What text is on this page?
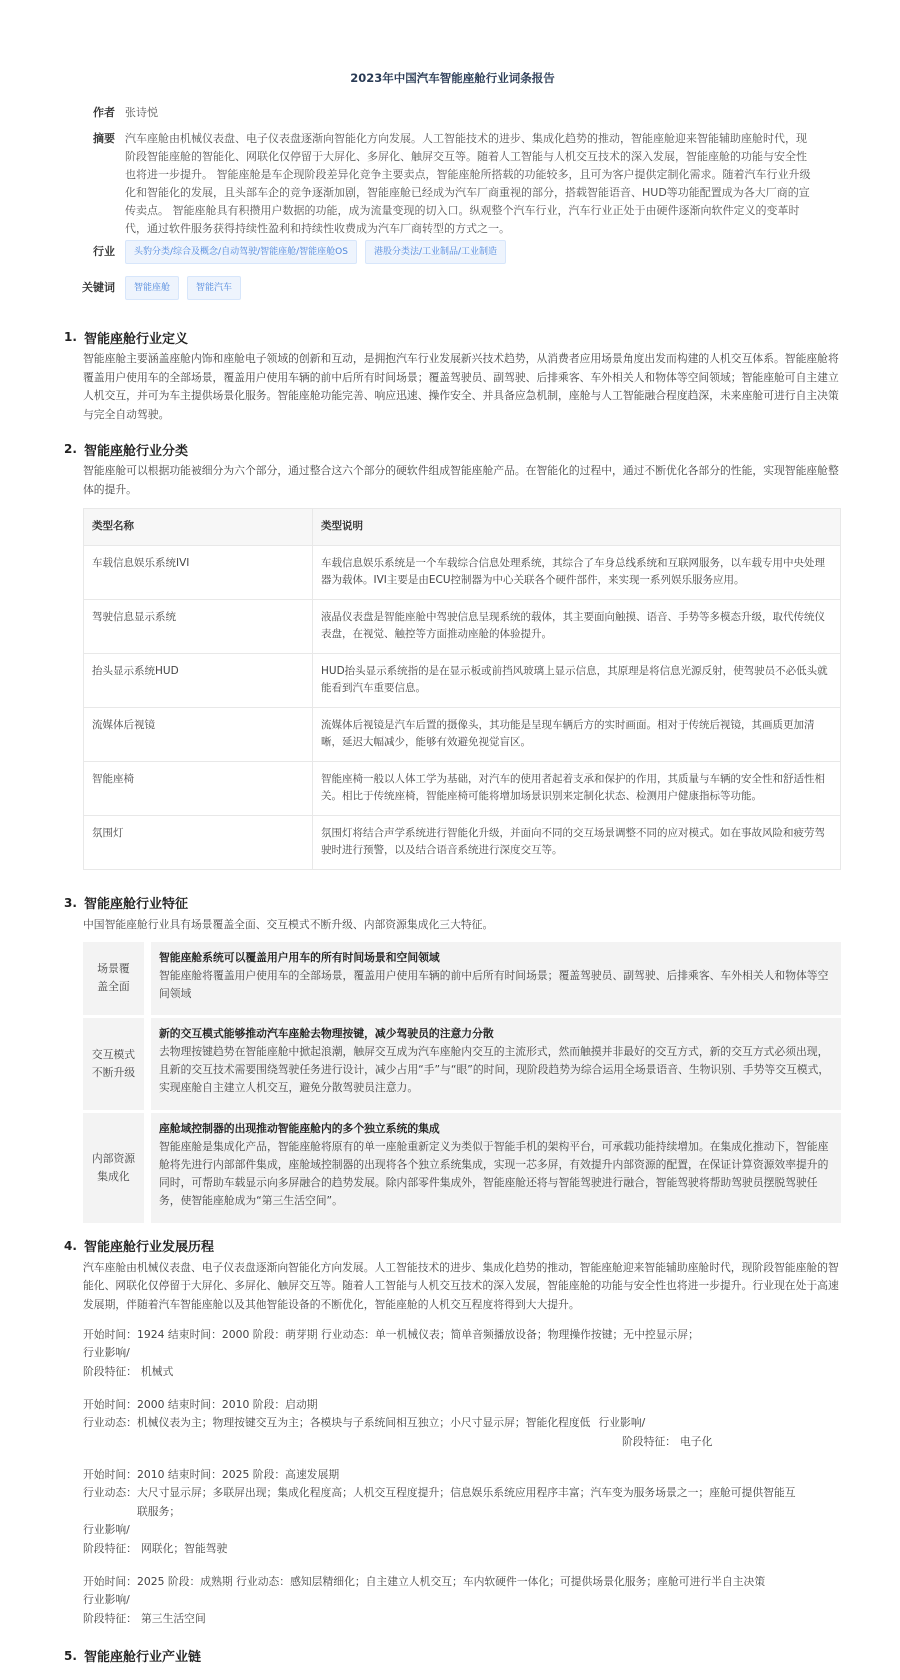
2023年中国汽车智能座舱行业词条报告
作者 张诗悦
摘要 汽车座舱由机械仪表盘、电子仪表盘逐渐向智能化方向发展。人工智能技术的进步、集成化趋势的推动，智能座舱迎来智能辅助座舱时代，现阶段智能座舱的智能化、网联化仅停留于大屏化、多屏化、触屏交互等。随着人工智能与人机交互技术的深入发展，智能座舱的功能与安全性也将进一步提升。 智能座舱是车企现阶段差异化竞争主要卖点，智能座舱所搭载的功能较多，且可为客户提供定制化需求。随着汽车行业升级化和智能化的发展，且头部车企的竞争逐渐加剧，智能座舱已经成为汽车厂商重视的部分，搭载智能语音、HUD等功能配置成为各大厂商的宣传卖点。 智能座舱具有积攒用户数据的功能，成为流量变现的切入口。纵观整个汽车行业，汽车行业正处于由硬件逐渐向软件定义的变革时代，通过软件服务获得持续性盈利和持续性收费成为汽车厂商转型的方式之一。
行业	头豹分类/综合及概念/自动驾驶/智能座舱/智能座舱OS	港股分类法/工业制品/工业制造
关键词	智能座舱	智能汽车
1. 智能座舱行业定义
智能座舱主要涵盖座舱内饰和座舱电子领域的创新和互动，是拥抱汽车行业发展新兴技术趋势，从消费者应用场景角度出发而构建的人机交互体系。智能座舱将覆盖用户使用车的全部场景，覆盖用户使用车辆的前中后所有时间场景；覆盖驾驶员、副驾驶、后排乘客、车外相关人和物体等空间领域；智能座舱可自主建立人机交互，并可为车主提供场景化服务。智能座舱功能完善、响应迅速、操作安全、并具备应急机制，座舱与人工智能融合程度趋深，未来座舱可进行自主决策与完全自动驾驶。
2. 智能座舱行业分类
智能座舱可以根据功能被细分为六个部分，通过整合这六个部分的硬软件组成智能座舱产品。在智能化的过程中，通过不断优化各部分的性能，实现智能座舱整体的提升。
类型名称	类型说明
车载信息娱乐系统IVI	车载信息娱乐系统是一个车载综合信息处理系统，其综合了车身总线系统和互联网服务，以车载专用中央处理器为载体。IVI主要是由ECU控制器为中心关联各个硬件部件，来实现一系列娱乐服务应用。
驾驶信息显示系统	液晶仪表盘是智能座舱中驾驶信息呈现系统的载体，其主要面向触摸、语音、手势等多模态升级，取代传统仪表盘，在视觉、触控等方面推动座舱的体验提升。
抬头显示系统HUD	HUD抬头显示系统指的是在显示板或前挡风玻璃上显示信息，其原理是将信息光源反射，使驾驶员不必低头就能看到汽车重要信息。
流媒体后视镜	流媒体后视镜是汽车后置的摄像头，其功能是呈现车辆后方的实时画面。相对于传统后视镜，其画质更加清晰，延迟大幅减少，能够有效避免视觉盲区。
智能座椅	智能座椅一般以人体工学为基础，对汽车的使用者起着支承和保护的作用，其质量与车辆的安全性和舒适性相关。相比于传统座椅，智能座椅可能将增加场景识别来定制化状态、检测用户健康指标等功能。
氛围灯	氛围灯将结合声学系统进行智能化升级，并面向不同的交互场景调整不同的应对模式。如在事故风险和疲劳驾驶时进行预警，以及结合语音系统进行深度交互等。
3. 智能座舱行业特征
中国智能座舱行业具有场景覆盖全面、交互模式不断升级、内部资源集成化三大特征。
场景覆盖全面
智能座舱系统可以覆盖用户用车的所有时间场景和空间领域
智能座舱将覆盖用户使用车的全部场景，覆盖用户使用车辆的前中后所有时间场景；覆盖驾驶员、副驾驶、后排乘客、车外相关人和物体等空间领域
交互模式不断升级
新的交互模式能够推动汽车座舱去物理按键，减少驾驶员的注意力分散
去物理按键趋势在智能座舱中掀起浪潮，触屏交互成为汽车座舱内交互的主流形式，然而触摸并非最好的交互方式，新的交互方式必须出现，且新的交互技术需要围绕驾驶任务进行设计，减少占用“手”与“眼”的时间，现阶段趋势为综合运用全场景语音、生物识别、手势等交互模式，实现座舱自主建立人机交互，避免分散驾驶员注意力。
内部资源集成化
座舱域控制器的出现推动智能座舱内的多个独立系统的集成
智能座舱是集成化产品，智能座舱将原有的单一座舱重新定义为类似于智能手机的架构平台，可承载功能持续增加。在集成化推动下，智能座舱将先进行内部部件集成，座舱域控制器的出现将各个独立系统集成，实现一芯多屏，有效提升内部资源的配置，在保证计算资源效率提升的同时，可帮助车载显示向多屏融合的趋势发展。除内部零件集成外，智能座舱还将与智能驾驶进行融合，智能驾驶将帮助驾驶员摆脱驾驶任务，使智能座舱成为“第三生活空间”。
4. 智能座舱行业发展历程
汽车座舱由机械仪表盘、电子仪表盘逐渐向智能化方向发展。人工智能技术的进步、集成化趋势的推动，智能座舱迎来智能辅助座舱时代，现阶段智能座舱的智能化、网联化仅停留于大屏化、多屏化、触屏交互等。随着人工智能与人机交互技术的深入发展，智能座舱的功能与安全性也将进一步提升。行业现在处于高速发展期，伴随着汽车智能座舱以及其他智能设备的不断优化，智能座舱的人机交互程度将得到大大提升。
开始时间：1924 结束时间：2000 阶段：萌芽期 行业动态：单一机械仪表；简单音频播放设备；物理操作按键；无中控显示屏；
行业影响/
阶段特征： 机械式
开始时间：2000 结束时间：2010 阶段：启动期
行业动态：机械仪表为主；物理按键交互为主；各模块与子系统间相互独立；小尺寸显示屏；智能化程度低 行业影响/
阶段特征： 电子化
开始时间：2010 结束时间：2025 阶段：高速发展期
行业动态：大尺寸显示屏；多联屏出现；集成化程度高；人机交互程度提升；信息娱乐系统应用程序丰富；汽车变为服务场景之一；座舱可提供智能互
联服务；
行业影响/
阶段特征： 网联化；智能驾驶
开始时间：2025 阶段：成熟期 行业动态：感知层精细化；自主建立人机交互；车内软硬件一体化；可提供场景化服务；座舱可进行半自主决策
行业影响/
阶段特征： 第三生活空间
5. 智能座舱行业产业链
